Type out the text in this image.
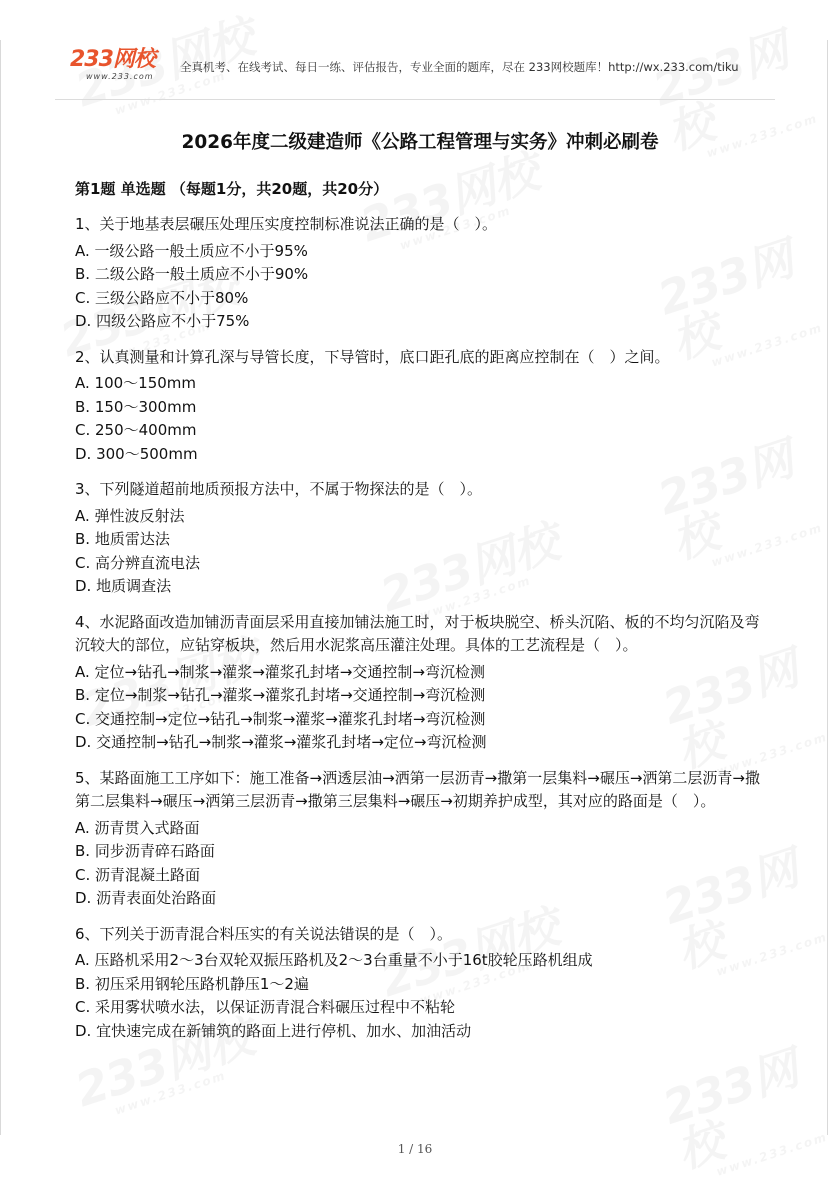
233网校
www.233.com
全真机考、在线考试、每日一练、评估报告，专业全面的题库，尽在 233网校题库！http://wx.233.com/tiku
2026年度二级建造师《公路工程管理与实务》冲刺必刷卷
第1题 单选题 （每题1分，共20题，共20分）
1、关于地基表层碾压处理压实度控制标准说法正确的是（　）。
A. 一级公路一般土质应不小于95%
B. 二级公路一般土质应不小于90%
C. 三级公路应不小于80%
D. 四级公路应不小于75%
2、认真测量和计算孔深与导管长度，下导管时，底口距孔底的距离应控制在（　）之间。
A. 100～150mm
B. 150～300mm
C. 250～400mm
D. 300～500mm
3、下列隧道超前地质预报方法中，不属于物探法的是（　）。
A. 弹性波反射法
B. 地质雷达法
C. 高分辨直流电法
D. 地质调查法
4、水泥路面改造加铺沥青面层采用直接加铺法施工时，对于板块脱空、桥头沉陷、板的不均匀沉陷及弯沉较大的部位，应钻穿板块，然后用水泥浆高压灌注处理。具体的工艺流程是（　）。
A. 定位→钻孔→制浆→灌浆→灌浆孔封堵→交通控制→弯沉检测
B. 定位→制浆→钻孔→灌浆→灌浆孔封堵→交通控制→弯沉检测
C. 交通控制→定位→钻孔→制浆→灌浆→灌浆孔封堵→弯沉检测
D. 交通控制→钻孔→制浆→灌浆→灌浆孔封堵→定位→弯沉检测
5、某路面施工工序如下：施工准备→洒透层油→洒第一层沥青→撒第一层集料→碾压→洒第二层沥青→撒第二层集料→碾压→洒第三层沥青→撒第三层集料→碾压→初期养护成型，其对应的路面是（　）。
A. 沥青贯入式路面
B. 同步沥青碎石路面
C. 沥青混凝土路面
D. 沥青表面处治路面
6、下列关于沥青混合料压实的有关说法错误的是（　）。
A. 压路机采用2～3台双轮双振压路机及2～3台重量不小于16t胶轮压路机组成
B. 初压采用钢轮压路机静压1～2遍
C. 采用雾状喷水法，以保证沥青混合料碾压过程中不粘轮
D. 宜快速完成在新铺筑的路面上进行停机、加水、加油活动
1 / 16
